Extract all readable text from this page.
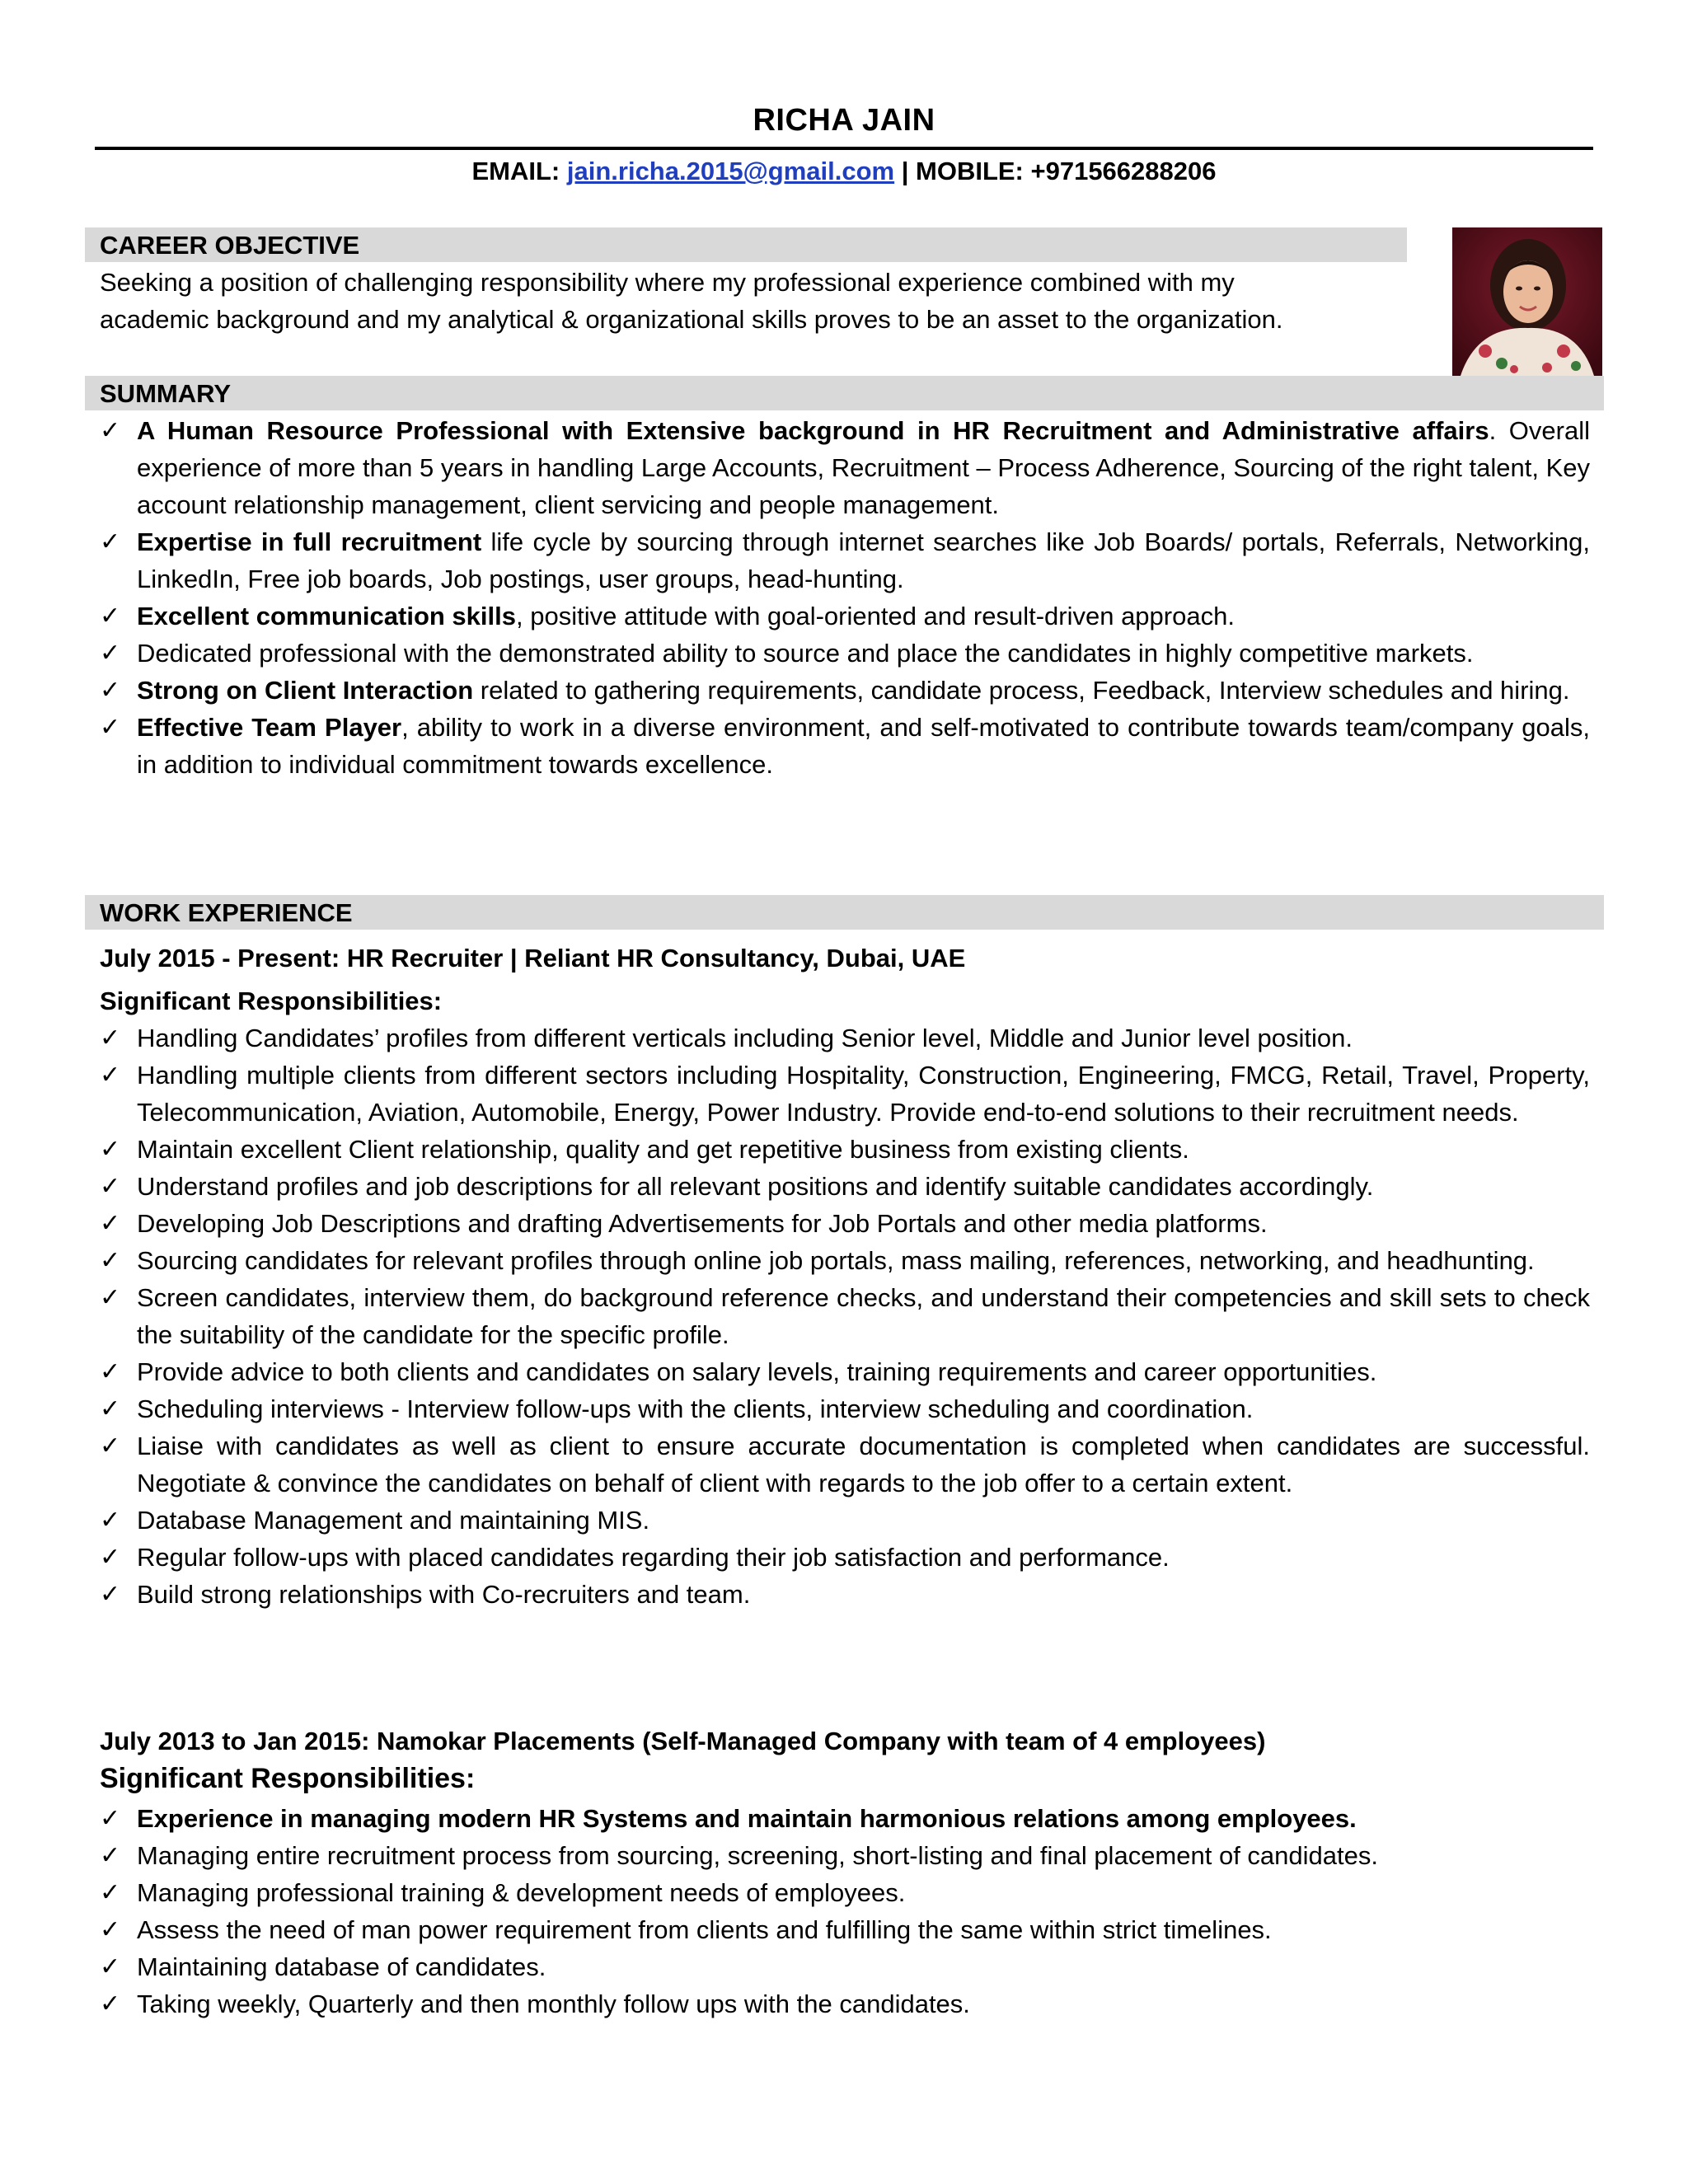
RICHA JAIN
EMAIL: jain.richa.2015@gmail.com | MOBILE: +971566288206
CAREER OBJECTIVE
Seeking a position of challenging responsibility where my professional experience combined with my
academic background and my analytical & organizational skills proves to be an asset to the organization.
SUMMARY
✓ A Human Resource Professional with Extensive background in HR Recruitment and Administrative affairs. Overall experience of more than 5 years in handling Large Accounts, Recruitment – Process Adherence, Sourcing of the right talent, Key account relationship management, client servicing and people management.
✓ Expertise in full recruitment life cycle by sourcing through internet searches like Job Boards/ portals, Referrals, Networking, LinkedIn, Free job boards, Job postings, user groups, head-hunting.
✓ Excellent communication skills, positive attitude with goal-oriented and result-driven approach.
✓ Dedicated professional with the demonstrated ability to source and place the candidates in highly competitive markets.
✓ Strong on Client Interaction related to gathering requirements, candidate process, Feedback, Interview schedules and hiring.
✓ Effective Team Player, ability to work in a diverse environment, and self-motivated to contribute towards team/company goals, in addition to individual commitment towards excellence.
WORK EXPERIENCE
July 2015 - Present: HR Recruiter | Reliant HR Consultancy, Dubai, UAE
Significant Responsibilities:
✓ Handling Candidates’ profiles from different verticals including Senior level, Middle and Junior level position.
✓ Handling multiple clients from different sectors including Hospitality, Construction, Engineering, FMCG, Retail, Travel, Property, Telecommunication, Aviation, Automobile, Energy, Power Industry. Provide end-to-end solutions to their recruitment needs.
✓ Maintain excellent Client relationship, quality and get repetitive business from existing clients.
✓ Understand profiles and job descriptions for all relevant positions and identify suitable candidates accordingly.
✓ Developing Job Descriptions and drafting Advertisements for Job Portals and other media platforms.
✓ Sourcing candidates for relevant profiles through online job portals, mass mailing, references, networking, and headhunting.
✓ Screen candidates, interview them, do background reference checks, and understand their competencies and skill sets to check the suitability of the candidate for the specific profile.
✓ Provide advice to both clients and candidates on salary levels, training requirements and career opportunities.
✓ Scheduling interviews - Interview follow-ups with the clients, interview scheduling and coordination.
✓ Liaise with candidates as well as client to ensure accurate documentation is completed when candidates are successful. Negotiate & convince the candidates on behalf of client with regards to the job offer to a certain extent.
✓ Database Management and maintaining MIS.
✓ Regular follow-ups with placed candidates regarding their job satisfaction and performance.
✓ Build strong relationships with Co-recruiters and team.
July 2013 to Jan 2015: Namokar Placements (Self-Managed Company with team of 4 employees)
Significant Responsibilities:
✓ Experience in managing modern HR Systems and maintain harmonious relations among employees.
✓ Managing entire recruitment process from sourcing, screening, short-listing and final placement of candidates.
✓ Managing professional training & development needs of employees.
✓ Assess the need of man power requirement from clients and fulfilling the same within strict timelines.
✓ Maintaining database of candidates.
✓ Taking weekly, Quarterly and then monthly follow ups with the candidates.
